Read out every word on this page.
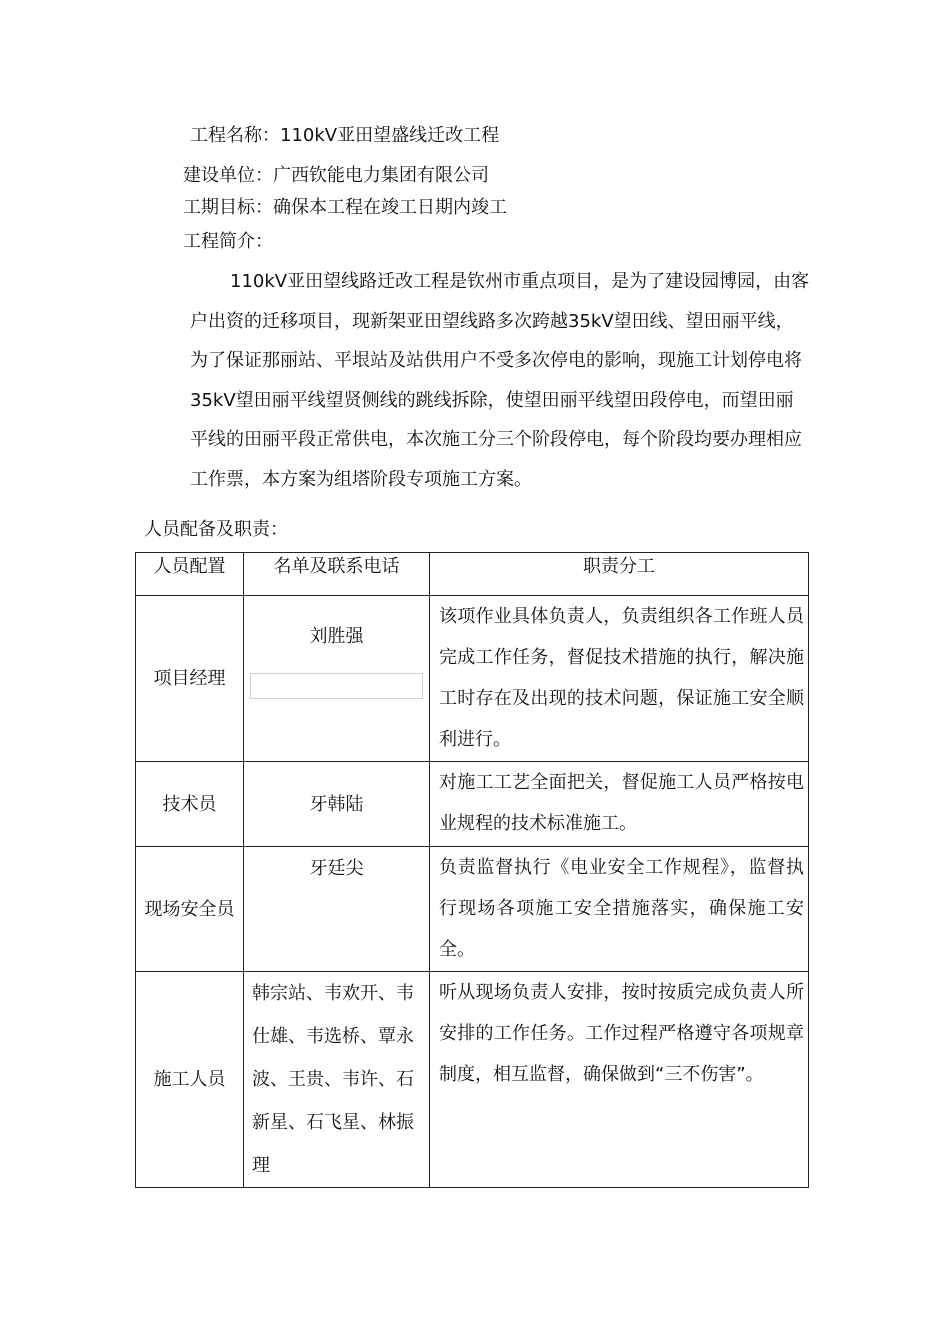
工程名称：110kV亚田望盛线迁改工程
建设单位：广西钦能电力集团有限公司
工期目标：确保本工程在竣工日期内竣工
工程简介：
110kV亚田望线路迁改工程是钦州市重点项目，是为了建设园博园，由客户出资的迁移项目，现新架亚田望线路多次跨越35kV望田线、望田丽平线，为了保证那丽站、平垠站及站供用户不受多次停电的影响，现施工计划停电将35kV望田丽平线望贤侧线的跳线拆除，使望田丽平线望田段停电，而望田丽平线的田丽平段正常供电，本次施工分三个阶段停电，每个阶段均要办理相应工作票，本方案为组塔阶段专项施工方案。
人员配备及职责：
人员配置	名单及联系电话	职责分工
项目经理	刘胜强	该项作业具体负责人，负责组织各工作班人员完成工作任务，督促技术措施的执行，解决施工时存在及出现的技术问题，保证施工安全顺利进行。
技术员	牙韩陆	对施工工艺全面把关，督促施工人员严格按电业规程的技术标准施工。
现场安全员	牙廷尖	负责监督执行《电业安全工作规程》，监督执行现场各项施工安全措施落实，确保施工安全。
施工人员	韩宗站、韦欢开、韦仕雄、韦选桥、覃永波、王贵、韦许、石新星、石飞星、林振理	听从现场负责人安排，按时按质完成负责人所安排的工作任务。工作过程严格遵守各项规章制度，相互监督，确保做到“三不伤害”。
